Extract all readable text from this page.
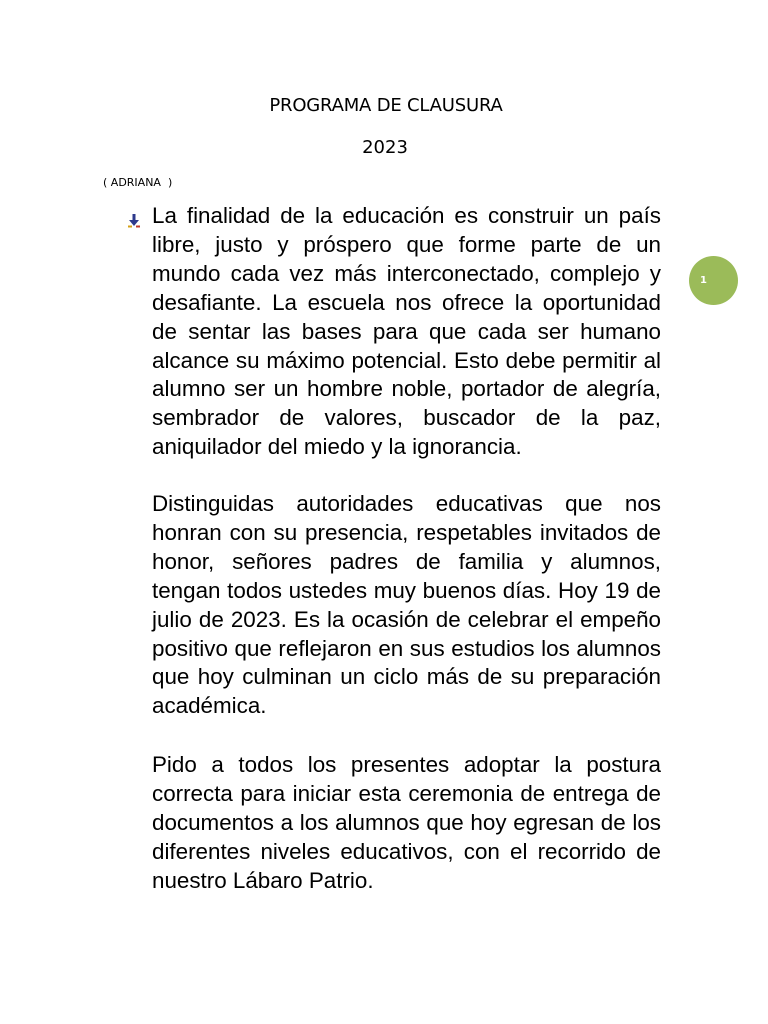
PROGRAMA DE CLAUSURA
2023
( ADRIANA  )

La finalidad de la educación es construir un país libre, justo y próspero que forme parte de un mundo cada vez más interconectado, complejo y desafiante. La escuela nos ofrece la oportunidad de sentar las bases para que cada ser humano alcance su máximo potencial. Esto debe permitir al alumno ser un hombre noble, portador de alegría, sembrador de valores, buscador de la paz, aniquilador del miedo y la ignorancia.

Distinguidas autoridades educativas que nos honran con su presencia, respetables invitados de honor, señores padres de familia y alumnos, tengan todos ustedes muy buenos días. Hoy 19 de julio de 2023. Es la ocasión de celebrar el empeño positivo que reflejaron en sus estudios los alumnos que hoy culminan un ciclo más de su preparación académica.

Pido a todos los presentes adoptar la postura correcta para iniciar esta ceremonia de entrega de documentos a los alumnos que hoy egresan de los diferentes niveles educativos, con el recorrido de nuestro Lábaro Patrio.

1
